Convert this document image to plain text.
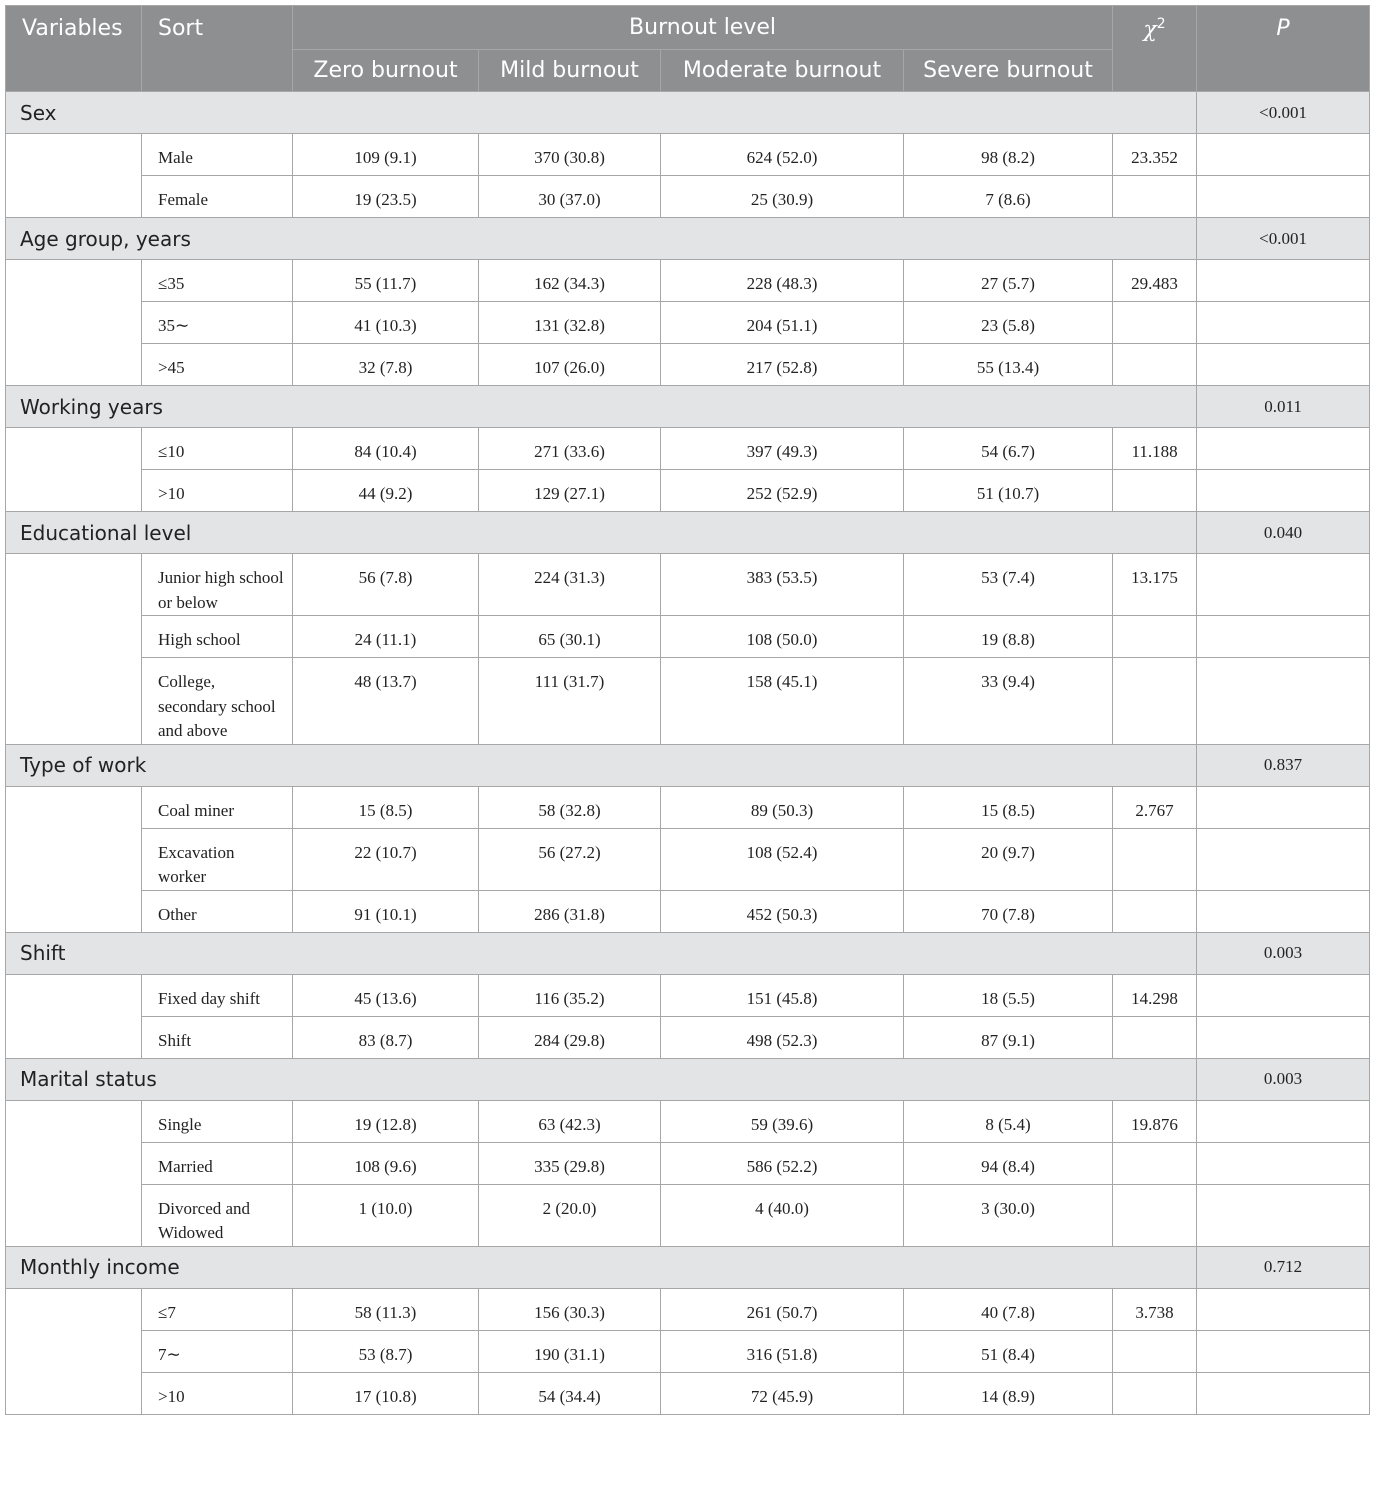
Variables	Sort	Burnout level				$\chi^2$	P
		Zero burnout	Mild burnout	Moderate burnout	Severe burnout		
Sex							<0.001
	Male	109 (9.1)	370 (30.8)	624 (52.0)	98 (8.2)	23.352	
	Female	19 (23.5)	30 (37.0)	25 (30.9)	7 (8.6)		
Age group, years							<0.001
	≤35	55 (11.7)	162 (34.3)	228 (48.3)	27 (5.7)	29.483	
	35∼	41 (10.3)	131 (32.8)	204 (51.1)	23 (5.8)		
	>45	32 (7.8)	107 (26.0)	217 (52.8)	55 (13.4)		
Working years							0.011
	≤10	84 (10.4)	271 (33.6)	397 (49.3)	54 (6.7)	11.188	
	>10	44 (9.2)	129 (27.1)	252 (52.9)	51 (10.7)		
Educational level							0.040
	Junior high school or below	56 (7.8)	224 (31.3)	383 (53.5)	53 (7.4)	13.175	
	High school	24 (11.1)	65 (30.1)	108 (50.0)	19 (8.8)		
	College, secondary school and above	48 (13.7)	111 (31.7)	158 (45.1)	33 (9.4)		
Type of work							0.837
	Coal miner	15 (8.5)	58 (32.8)	89 (50.3)	15 (8.5)	2.767	
	Excavation worker	22 (10.7)	56 (27.2)	108 (52.4)	20 (9.7)		
	Other	91 (10.1)	286 (31.8)	452 (50.3)	70 (7.8)		
Shift							0.003
	Fixed day shift	45 (13.6)	116 (35.2)	151 (45.8)	18 (5.5)	14.298	
	Shift	83 (8.7)	284 (29.8)	498 (52.3)	87 (9.1)		
Marital status							0.003
	Single	19 (12.8)	63 (42.3)	59 (39.6)	8 (5.4)	19.876	
	Married	108 (9.6)	335 (29.8)	586 (52.2)	94 (8.4)		
	Divorced and Widowed	1 (10.0)	2 (20.0)	4 (40.0)	3 (30.0)		
Monthly income							0.712
	≤7	58 (11.3)	156 (30.3)	261 (50.7)	40 (7.8)	3.738	
	7∼	53 (8.7)	190 (31.1)	316 (51.8)	51 (8.4)		
	>10	17 (10.8)	54 (34.4)	72 (45.9)	14 (8.9)		
